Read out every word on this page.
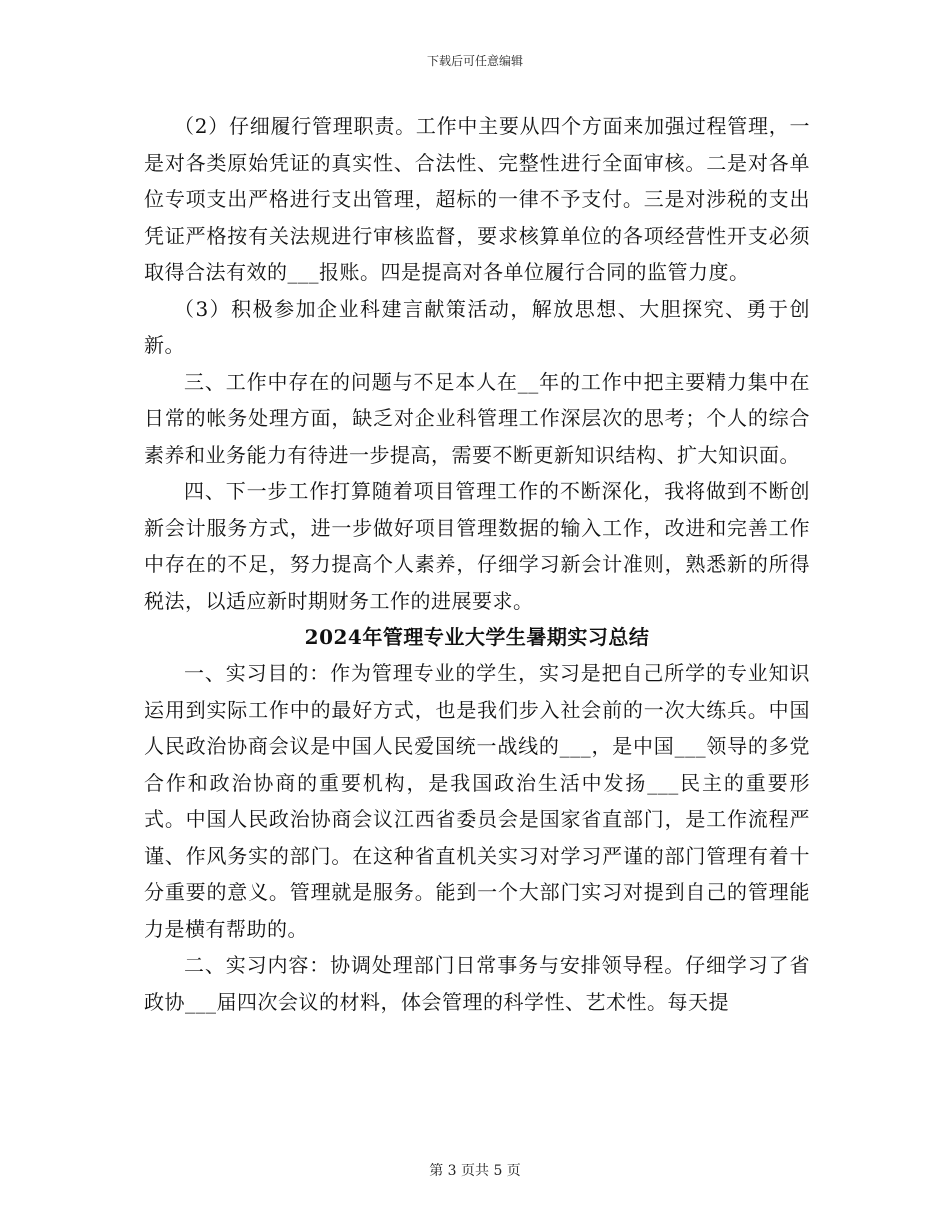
下载后可任意编辑

（2）仔细履行管理职责。工作中主要从四个方面来加强过程管理，一是对各类原始凭证的真实性、合法性、完整性进行全面审核。二是对各单位专项支出严格进行支出管理，超标的一律不予支付。三是对涉税的支出凭证严格按有关法规进行审核监督，要求核算单位的各项经营性开支必须取得合法有效的___报账。四是提高对各单位履行合同的监管力度。

（3）积极参加企业科建言献策活动，解放思想、大胆探究、勇于创新。

三、工作中存在的问题与不足本人在__年的工作中把主要精力集中在日常的帐务处理方面，缺乏对企业科管理工作深层次的思考；个人的综合素养和业务能力有待进一步提高，需要不断更新知识结构、扩大知识面。

四、下一步工作打算随着项目管理工作的不断深化，我将做到不断创新会计服务方式，进一步做好项目管理数据的输入工作，改进和完善工作中存在的不足，努力提高个人素养，仔细学习新会计准则，熟悉新的所得税法，以适应新时期财务工作的进展要求。

2024年管理专业大学生暑期实习总结

一、实习目的：作为管理专业的学生，实习是把自己所学的专业知识运用到实际工作中的最好方式，也是我们步入社会前的一次大练兵。中国人民政治协商会议是中国人民爱国统一战线的___，是中国___领导的多党合作和政治协商的重要机构，是我国政治生活中发扬___民主的重要形式。中国人民政治协商会议江西省委员会是国家省直部门，是工作流程严谨、作风务实的部门。在这种省直机关实习对学习严谨的部门管理有着十分重要的意义。管理就是服务。能到一个大部门实习对提到自己的管理能力是横有帮助的。

二、实习内容：协调处理部门日常事务与安排领导程。仔细学习了省政协___届四次会议的材料，体会管理的科学性、艺术性。每天提

第 3 页共 5 页
